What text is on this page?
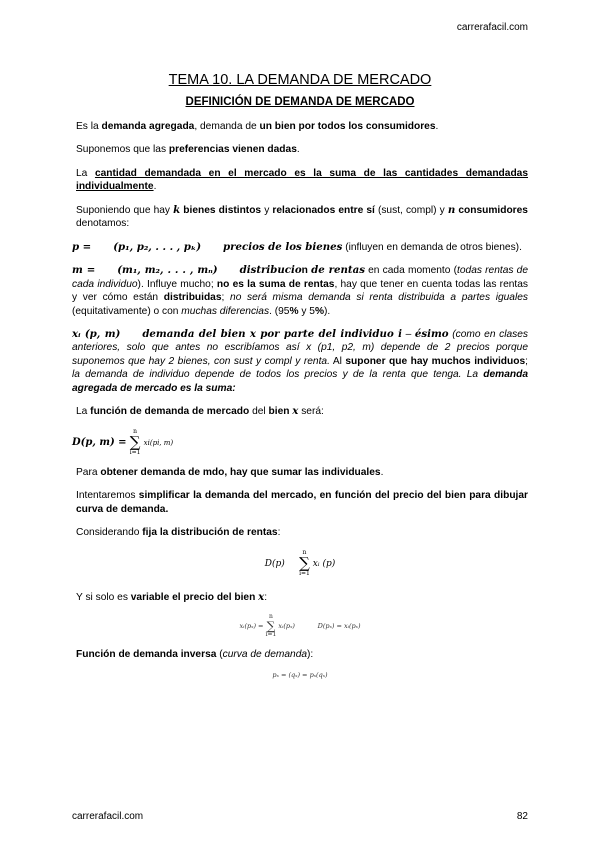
carrerafacil.com
TEMA 10. LA DEMANDA DE MERCADO
DEFINICIÓN DE DEMANDA DE MERCADO

Es la demanda agregada, demanda de un bien por todos los consumidores.

Suponemos que las preferencias vienen dadas.

La cantidad demandada en el mercado es la suma de las cantidades demandadas individualmente.

Suponiendo que hay k bienes distintos y relacionados entre sí (sust, compl) y n consumidores denotamos:

p = (p₁, p₂, . . . , pₖ) precios de los bienes (influyen en demanda de otros bienes).

m = (m₁, m₂, . . . , mₙ) distribucion de rentas en cada momento (todas rentas de cada individuo). Influye mucho; no es la suma de rentas, hay que tener en cuenta todas las rentas y ver cómo están distribuidas; no será misma demanda si renta distribuida a partes iguales (equitativamente) o con muchas diferencias. (95% y 5%).

xᵢ (p, m) demanda del bien x por parte del individuo i – ésimo (como en clases anteriores, solo que antes no escribíamos así x (p1, p2, m) depende de 2 precios porque suponemos que hay 2 bienes, con sust y compl y renta. Al suponer que hay muchos individuos; la demanda de individuo depende de todos los precios y de la renta que tenga. La demanda agregada de mercado es la suma:

La función de demanda de mercado del bien x será:

D(p, m) =
n
∑
i=1
xi(pi, m)

Para obtener demanda de mdo, hay que sumar las individuales.

Intentaremos simplificar la demanda del mercado, en función del precio del bien para dibujar curva de demanda.

Considerando fija la distribución de rentas:

D(p)
n
∑
i=1
xᵢ (p)

Y si solo es variable el precio del bien x:

xᵢ(pₓ) =
n
∑
i=1
xᵢ(pₓ)	D(pₓ) = xᵢ(pₓ)

Función de demanda inversa (curva de demanda):

pₓ = (qₓ) = pₓ(qₓ)
carrerafacil.com	82
